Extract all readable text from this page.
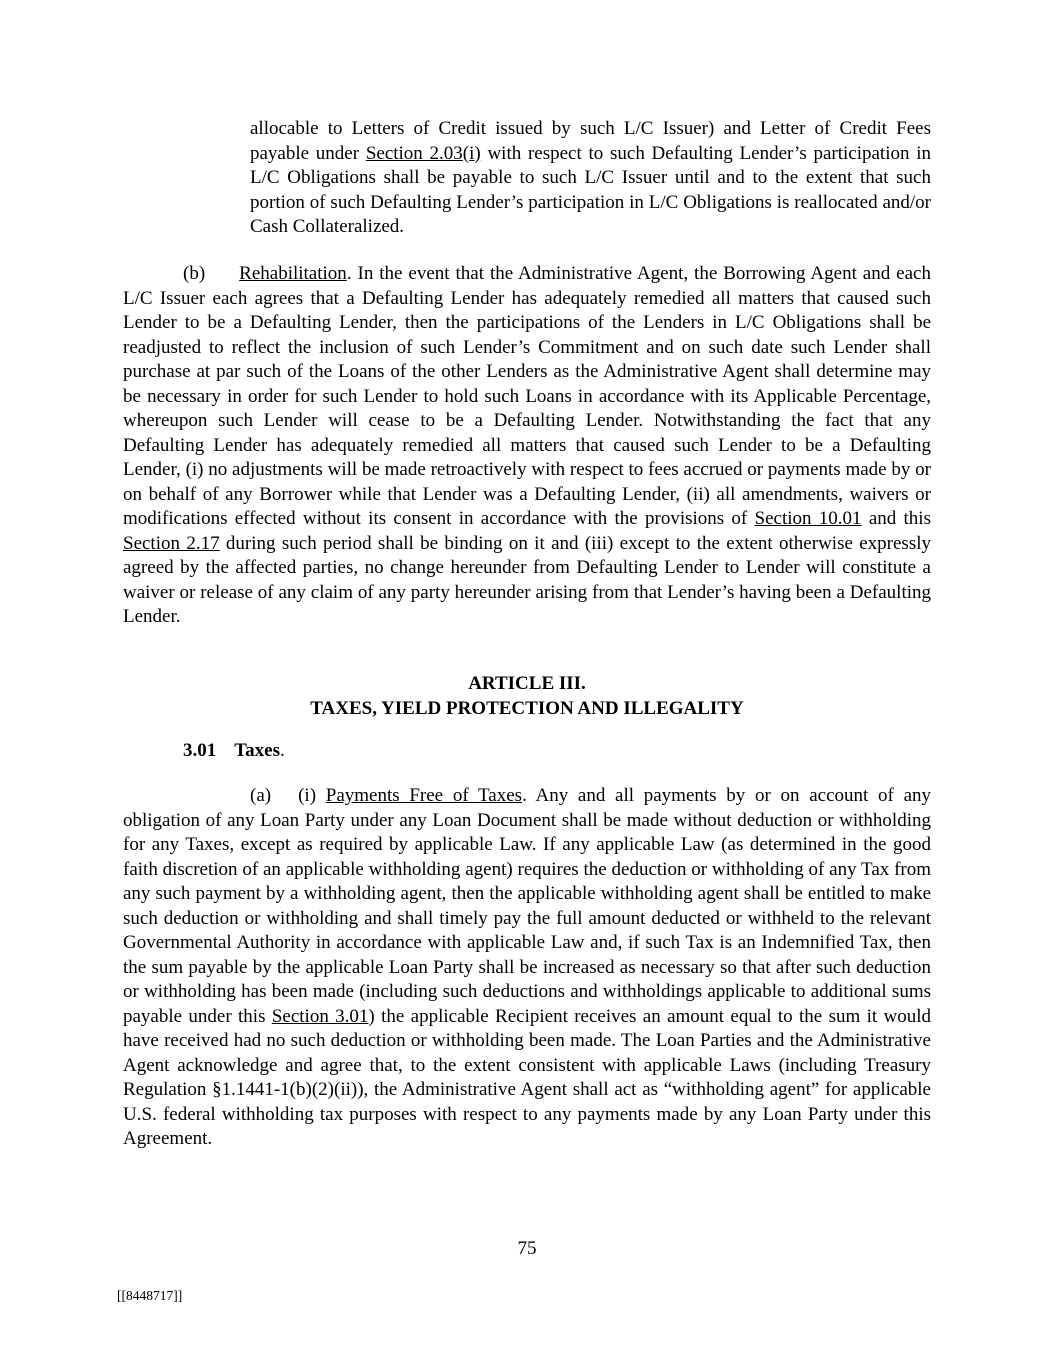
allocable to Letters of Credit issued by such L/C Issuer) and Letter of Credit Fees payable under Section 2.03(i) with respect to such Defaulting Lender’s participation in L/C Obligations shall be payable to such L/C Issuer until and to the extent that such portion of such Defaulting Lender’s participation in L/C Obligations is reallocated and/or Cash Collateralized.

(b) Rehabilitation. In the event that the Administrative Agent, the Borrowing Agent and each L/C Issuer each agrees that a Defaulting Lender has adequately remedied all matters that caused such Lender to be a Defaulting Lender, then the participations of the Lenders in L/C Obligations shall be readjusted to reflect the inclusion of such Lender’s Commitment and on such date such Lender shall purchase at par such of the Loans of the other Lenders as the Administrative Agent shall determine may be necessary in order for such Lender to hold such Loans in accordance with its Applicable Percentage, whereupon such Lender will cease to be a Defaulting Lender. Notwithstanding the fact that any Defaulting Lender has adequately remedied all matters that caused such Lender to be a Defaulting Lender, (i) no adjustments will be made retroactively with respect to fees accrued or payments made by or on behalf of any Borrower while that Lender was a Defaulting Lender, (ii) all amendments, waivers or modifications effected without its consent in accordance with the provisions of Section 10.01 and this Section 2.17 during such period shall be binding on it and (iii) except to the extent otherwise expressly agreed by the affected parties, no change hereunder from Defaulting Lender to Lender will constitute a waiver or release of any claim of any party hereunder arising from that Lender’s having been a Defaulting Lender.

ARTICLE III.
TAXES, YIELD PROTECTION AND ILLEGALITY

3.01 Taxes.

(a) (i) Payments Free of Taxes. Any and all payments by or on account of any obligation of any Loan Party under any Loan Document shall be made without deduction or withholding for any Taxes, except as required by applicable Law. If any applicable Law (as determined in the good faith discretion of an applicable withholding agent) requires the deduction or withholding of any Tax from any such payment by a withholding agent, then the applicable withholding agent shall be entitled to make such deduction or withholding and shall timely pay the full amount deducted or withheld to the relevant Governmental Authority in accordance with applicable Law and, if such Tax is an Indemnified Tax, then the sum payable by the applicable Loan Party shall be increased as necessary so that after such deduction or withholding has been made (including such deductions and withholdings applicable to additional sums payable under this Section 3.01) the applicable Recipient receives an amount equal to the sum it would have received had no such deduction or withholding been made. The Loan Parties and the Administrative Agent acknowledge and agree that, to the extent consistent with applicable Laws (including Treasury Regulation §1.1441-1(b)(2)(ii)), the Administrative Agent shall act as “withholding agent” for applicable U.S. federal withholding tax purposes with respect to any payments made by any Loan Party under this Agreement.

75
[[8448717]]
